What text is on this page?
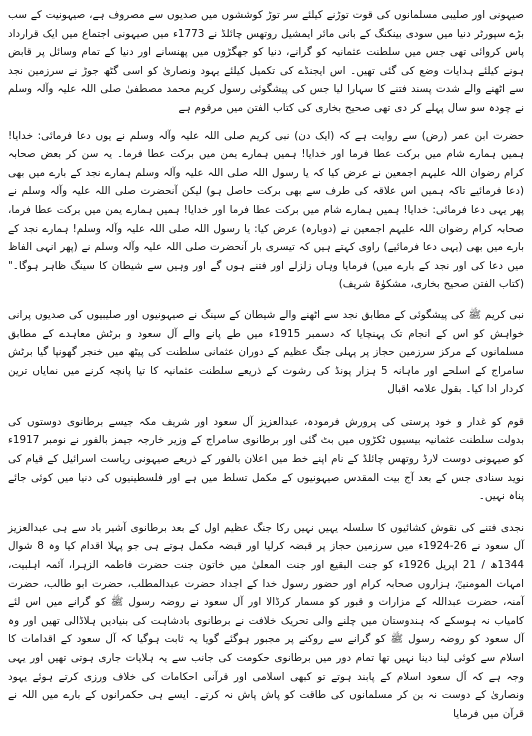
صیہونی اور صلیبی مسلمانوں کی قوت توڑنے کیلئے سر توڑ کوششوں میں صدیوں سے مصروف ہے، صیہونیت کے سب بڑے سپورٹر دنیا میں سودی بینکنگ کے بانی مائر ایمشیل روتھس چائلڈ نے 1773ء میں صیہونی اجتماع میں ایک قرارداد پاس کروائی تھی جس میں سلطنت عثمانیہ کو گرانے، دنیا کو جھگڑوں میں پھنسانے اور دنیا کے تمام وسائل پر قابض ہونے کیلئے ہدایات وضع کی گئی تھیں۔ اس ایجنڈے کی تکمیل کیلئے یہود ونصاریٰ کو اسی گٹھ جوڑ نے سرزمین نجد سے اٹھنے والے شدت پسند فتنے کا سہارا لیا جس کی پیشگوئی رسول کریم محمد مصطفیٰ صلی اللہ علیہ وآلہ وسلم نے چودہ سو سال پہلے کر دی تھی صحیح بخاری کی کتاب الفتن میں مرقوم ہے

حضرت ابن عمر (رض) سے روایت ہے کہ (ایک دن) نبی کریم صلی اللہ علیہ وآلہ وسلم نے یوں دعا فرمائی: خدایا! ہمیں ہمارے شام میں برکت عطا فرما اور خدایا! ہمیں ہمارے یمن میں برکت عطا فرما۔ یہ سن کر بعض صحابہ کرام رضوان اللہ علیہم اجمعین نے عرض کیا کہ یا رسول اللہ صلی اللہ علیہ وآلہ وسلم ہمارے نجد کے بارے میں بھی (دعا فرمائیے تاکہ ہمیں اس علاقہ کی طرف سے بھی برکت حاصل ہو) لیکن آنحضرت صلی اللہ علیہ وآلہ وسلم نے پھر یہی دعا فرمائی: خدایا! ہمیں ہمارے شام میں برکت عطا فرما اور خدایا! ہمیں ہمارے یمن میں برکت عطا فرما، صحابہ کرام رضوان اللہ علیہم اجمعین نے (دوبارہ) عرض کیا: یا رسول اللہ صلی اللہ علیہ وآلہ وسلم! ہمارے نجد کے بارے میں بھی (یہی دعا فرمائیے) راوی کہتے ہیں کہ تیسری بار آنحضرت صلی اللہ علیہ وآلہ وسلم نے (پھر انہی الفاظ میں دعا کی اور نجد کے بارے میں) فرمایا وہاں زلزلے اور فتنے ہوں گے اور وہیں سے شیطان کا سینگ ظاہر ہوگا۔" (کتاب الفتن صحیح بخاری، مشکوٰۃ شریف)

نبی کریم ﷺ کی پیشگوئی کے مطابق نجد سے اٹھنے والے شیطان کے سینگ نے صیہونیوں اور صلیبیوں کی صدیوں پرانی خواہش کو اس کے انجام تک پہنچایا کہ دسمبر 1915ء میں طے پانے والے آل سعود و برٹش معاہدے کے مطابق مسلمانوں کے مرکز سرزمین حجاز پر پہلی جنگ عظیم کے دوران عثمانی سلطنت کی پیٹھ میں خنجر گھونپا گیا برٹش سامراج کے اسلحے اور ماہانہ 5 ہزار پونڈ کی رشوت کے ذریعے سلطنت عثمانیہ کا تیا پانچہ کرنے میں نمایاں ترین کردار ادا کیا۔ بقول علامہ اقبال

قوم کو غدار و خود پرستی کی پرورش فرمودہ، عبدالعزیز آل سعود اور شریف مکہ جیسے برطانوی دوستوں کی بدولت سلطنت عثمانیہ بیسیوں ٹکڑوں میں بٹ گئی اور برطانوی سامراج کے وزیر خارجہ جیمز بالفور نے نومبر 1917ء کو صیہونی دوست لارڈ روتھس چائلڈ کے نام اپنے خط میں اعلان بالفور کے ذریعے صیہونی ریاست اسرائیل کے قیام کی نوید سنادی جس کے بعد آج بیت المقدس صیہونیوں کے مکمل تسلط میں ہے اور فلسطینیوں کی دنیا میں کوئی جائے پناہ نہیں۔

نجدی فتنے کی نقوش کشائیوں کا سلسلہ یہیں نہیں رکا جنگ عظیم اول کے بعد برطانوی آشیر باد سے ہی عبدالعزیز آل سعود نے 26-1924ء میں سرزمین حجاز پر قبضہ کرلیا اور قبضہ مکمل ہوتے ہی جو پہلا اقدام کیا وہ 8 شوال 1344ھ / 21 اپریل 1926ء کو جنت البقیع اور جنت المعلیٰ میں خاتون جنت حضرت فاطمہ الزہرا، آئمہ اہلبیت، امہات المومنینؓ، ہزاروں صحابہ کرام اور حضور رسول خدا کے اجداد حضرت عبدالمطلب، حضرت ابو طالب، حضرت آمنہ، حضرت عبداللہ کے مزارات و قبور کو مسمار کرڈالا اور آل سعود نے روضہ رسول ﷺ کو گرانے میں اس لئے کامیاب نہ ہوسکے کہ ہندوستان میں چلنے والی تحریک خلافت نے برطانوی بادشاہت کی بنیادیں ہلاڈالی تھیں اور وہ آل سعود کو روضہ رسول ﷺ کو گرانے سے روکنے پر مجبور ہوگئے گویا یہ ثابت ہوگیا کہ آل سعود کے اقدامات کا اسلام سے کوئی لینا دینا نہیں تھا تمام دور میں برطانوی حکومت کی جانب سے یہ ہلایات جاری ہوتی تھیں اور یہی وجہ ہے کہ آل سعود اسلام کے پابند ہوتے تو کبھی اسلامی اور قرآنی احکامات کی خلاف ورزی کرتے ہوئے یہود ونصاریٰ کے دوست نہ بن کر مسلمانوں کی طاقت کو پاش پاش نہ کرتے۔ ایسے ہی حکمرانوں کے بارے میں اللہ نے قرآن میں فرمایا
